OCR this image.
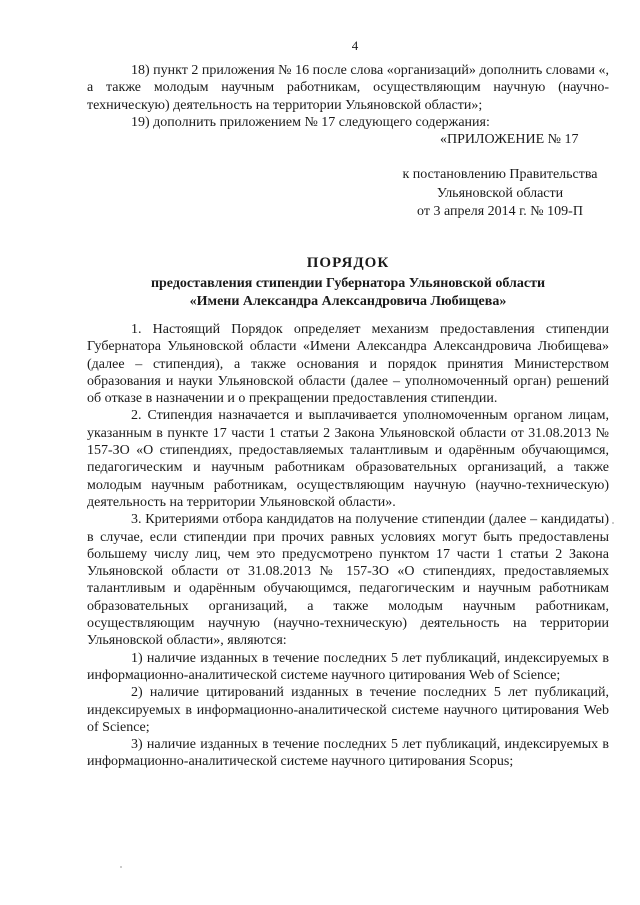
4

18) пункт 2 приложения № 16 после слова «организаций» дополнить словами «, а также молодым научным работникам, осуществляющим научную (научно-техническую) деятельность на территории Ульяновской области»;

19) дополнить приложением № 17 следующего содержания:

«ПРИЛОЖЕНИЕ № 17
к постановлению Правительства
Ульяновской области
от 3 апреля 2014 г. № 109-П
ПОРЯДОК
предоставления стипендии Губернатора Ульяновской области
«Имени Александра Александровича Любищева»

1. Настоящий Порядок определяет механизм предоставления стипендии Губернатора Ульяновской области «Имени Александра Александровича Любищева» (далее – стипендия), а также основания и порядок принятия Министерством образования и науки Ульяновской области (далее – уполномоченный орган) решений об отказе в назначении и о прекращении предоставления стипендии.

2. Стипендия назначается и выплачивается уполномоченным органом лицам, указанным в пункте 17 части 1 статьи 2 Закона Ульяновской области от 31.08.2013 № 157-ЗО «О стипендиях, предоставляемых талантливым и одарённым обучающимся, педагогическим и научным работникам образовательных организаций, а также молодым научным работникам, осуществляющим научную (научно-техническую) деятельность на территории Ульяновской области».

3. Критериями отбора кандидатов на получение стипендии (далее – кандидаты) в случае, если стипендии при прочих равных условиях могут быть предоставлены большему числу лиц, чем это предусмотрено пунктом 17 части 1 статьи 2 Закона Ульяновской области от 31.08.2013 № 157-ЗО «О стипендиях, предоставляемых талантливым и одарённым обучающимся, педагогическим и научным работникам образовательных организаций, а также молодым научным работникам, осуществляющим научную (научно-техническую) деятельность на территории Ульяновской области», являются:

1) наличие изданных в течение последних 5 лет публикаций, индексируемых в информационно-аналитической системе научного цитирования Web of Science;

2) наличие цитирований изданных в течение последних 5 лет публикаций, индексируемых в информационно-аналитической системе научного цитирования Web of Science;

3) наличие изданных в течение последних 5 лет публикаций, индексируемых в информационно-аналитической системе научного цитирования Scopus;
